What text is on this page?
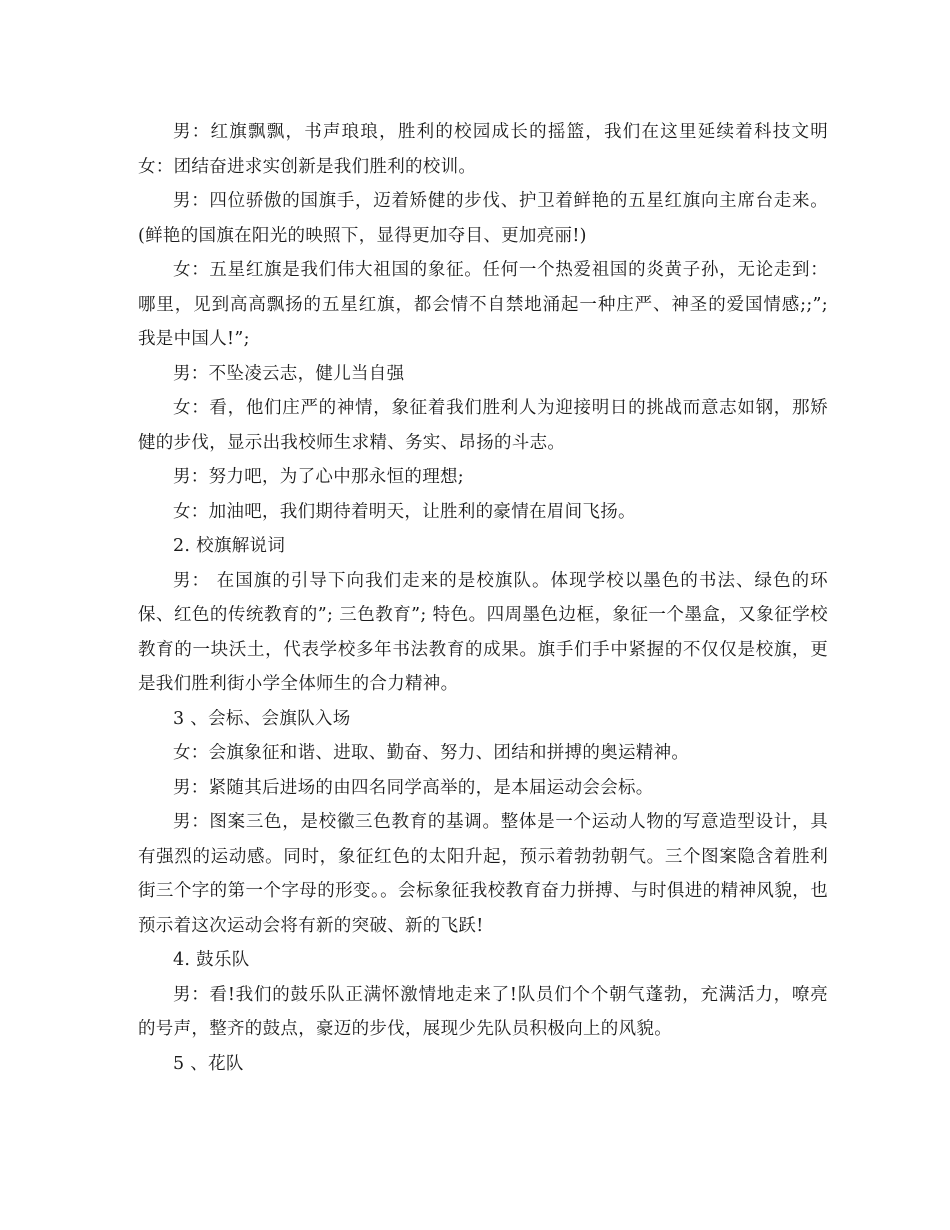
男：红旗飘飘，书声琅琅，胜利的校园成长的摇篮，我们在这里延续着科技文明女：团结奋进求实创新是我们胜利的校训。

男：四位骄傲的国旗手，迈着矫健的步伐、护卫着鲜艳的五星红旗向主席台走来。(鲜艳的国旗在阳光的映照下，显得更加夺目、更加亮丽!)

女：五星红旗是我们伟大祖国的象征。任何一个热爱祖国的炎黄子孙，无论走到：哪里，见到高高飘扬的五星红旗，都会情不自禁地涌起一种庄严、神圣的爱国情感;;”; 我是中国人!”;

男：不坠凌云志，健儿当自强

女：看，他们庄严的神情，象征着我们胜利人为迎接明日的挑战而意志如钢，那矫健的步伐，显示出我校师生求精、务实、昂扬的斗志。

男：努力吧，为了心中那永恒的理想;

女：加油吧，我们期待着明天，让胜利的豪情在眉间飞扬。

2. 校旗解说词

男： 在国旗的引导下向我们走来的是校旗队。体现学校以墨色的书法、绿色的环保、红色的传统教育的”; 三色教育”; 特色。四周墨色边框，象征一个墨盒，又象征学校教育的一块沃土，代表学校多年书法教育的成果。旗手们手中紧握的不仅仅是校旗，更是我们胜利街小学全体师生的合力精神。

3 、会标、会旗队入场

女：会旗象征和谐、进取、勤奋、努力、团结和拼搏的奥运精神。

男：紧随其后进场的由四名同学高举的，是本届运动会会标。

男：图案三色，是校徽三色教育的基调。整体是一个运动人物的写意造型设计，具有强烈的运动感。同时，象征红色的太阳升起，预示着勃勃朝气。三个图案隐含着胜利街三个字的第一个字母的形变。。会标象征我校教育奋力拼搏、与时俱进的精神风貌，也预示着这次运动会将有新的突破、新的飞跃!

4. 鼓乐队

男：看!我们的鼓乐队正满怀激情地走来了!队员们个个朝气蓬勃，充满活力，嘹亮的号声，整齐的鼓点，豪迈的步伐，展现少先队员积极向上的风貌。

5 、花队
